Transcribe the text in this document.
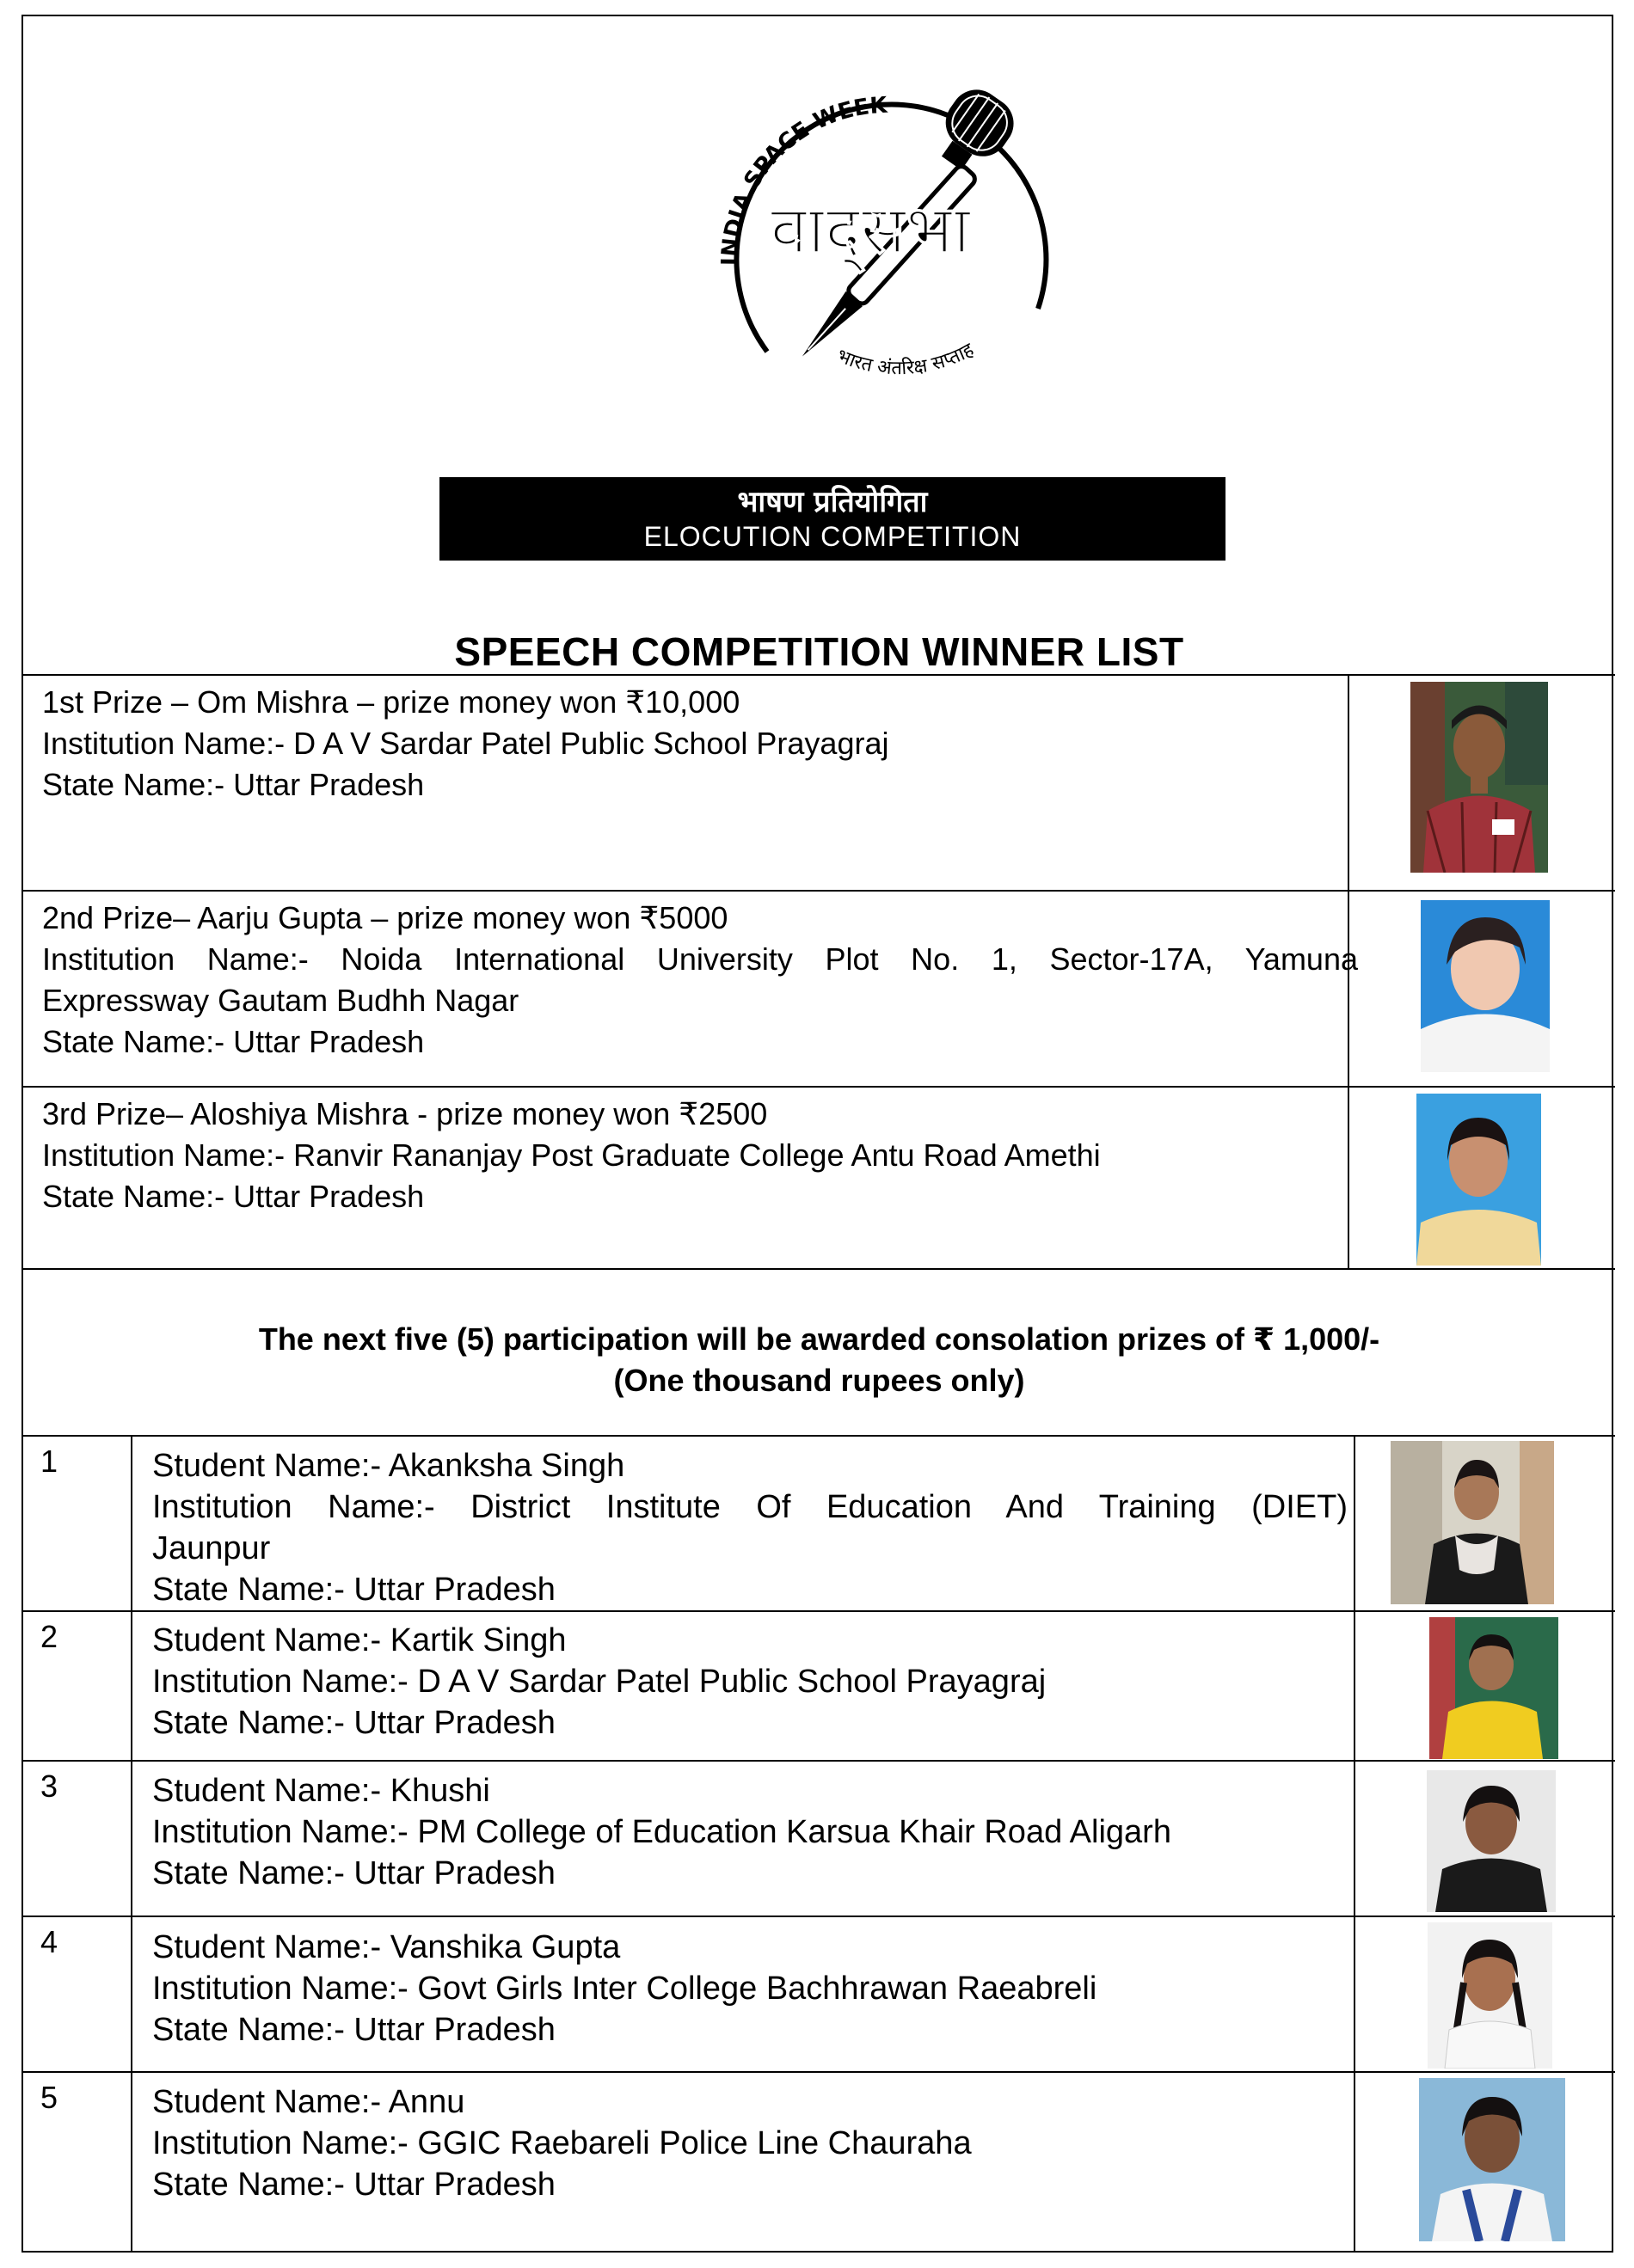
INDIA SPACE WEEK
भारत अंतरिक्ष सप्ताह
वाद्सभा
भाषण प्रतियोगिता
ELOCUTION COMPETITION
SPEECH COMPETITION WINNER LIST
1st Prize – Om Mishra – prize money won ₹10,000
Institution Name:- D A V Sardar Patel Public School Prayagraj
State Name:- Uttar Pradesh
2nd Prize– Aarju Gupta – prize money won ₹5000
Institution Name:- Noida International University Plot No. 1, Sector-17A, Yamuna
Expressway Gautam Budhh Nagar
State Name:- Uttar Pradesh
3rd Prize– Aloshiya Mishra - prize money won ₹2500
Institution Name:- Ranvir Rananjay Post Graduate College Antu Road Amethi
State Name:- Uttar Pradesh
The next five (5) participation will be awarded consolation prizes of ₹ 1,000/-
(One thousand rupees only)
1	Student Name:- Akanksha Singh
Institution Name:- District Institute Of Education And Training (DIET)
Jaunpur
State Name:- Uttar Pradesh
2	Student Name:- Kartik Singh
Institution Name:- D A V Sardar Patel Public School Prayagraj
State Name:- Uttar Pradesh
3	Student Name:- Khushi
Institution Name:- PM College of Education Karsua Khair Road Aligarh
State Name:- Uttar Pradesh
4	Student Name:- Vanshika Gupta
Institution Name:- Govt Girls Inter College Bachhrawan Raeabreli
State Name:- Uttar Pradesh
5	Student Name:- Annu
Institution Name:- GGIC Raebareli Police Line Chauraha
State Name:- Uttar Pradesh
